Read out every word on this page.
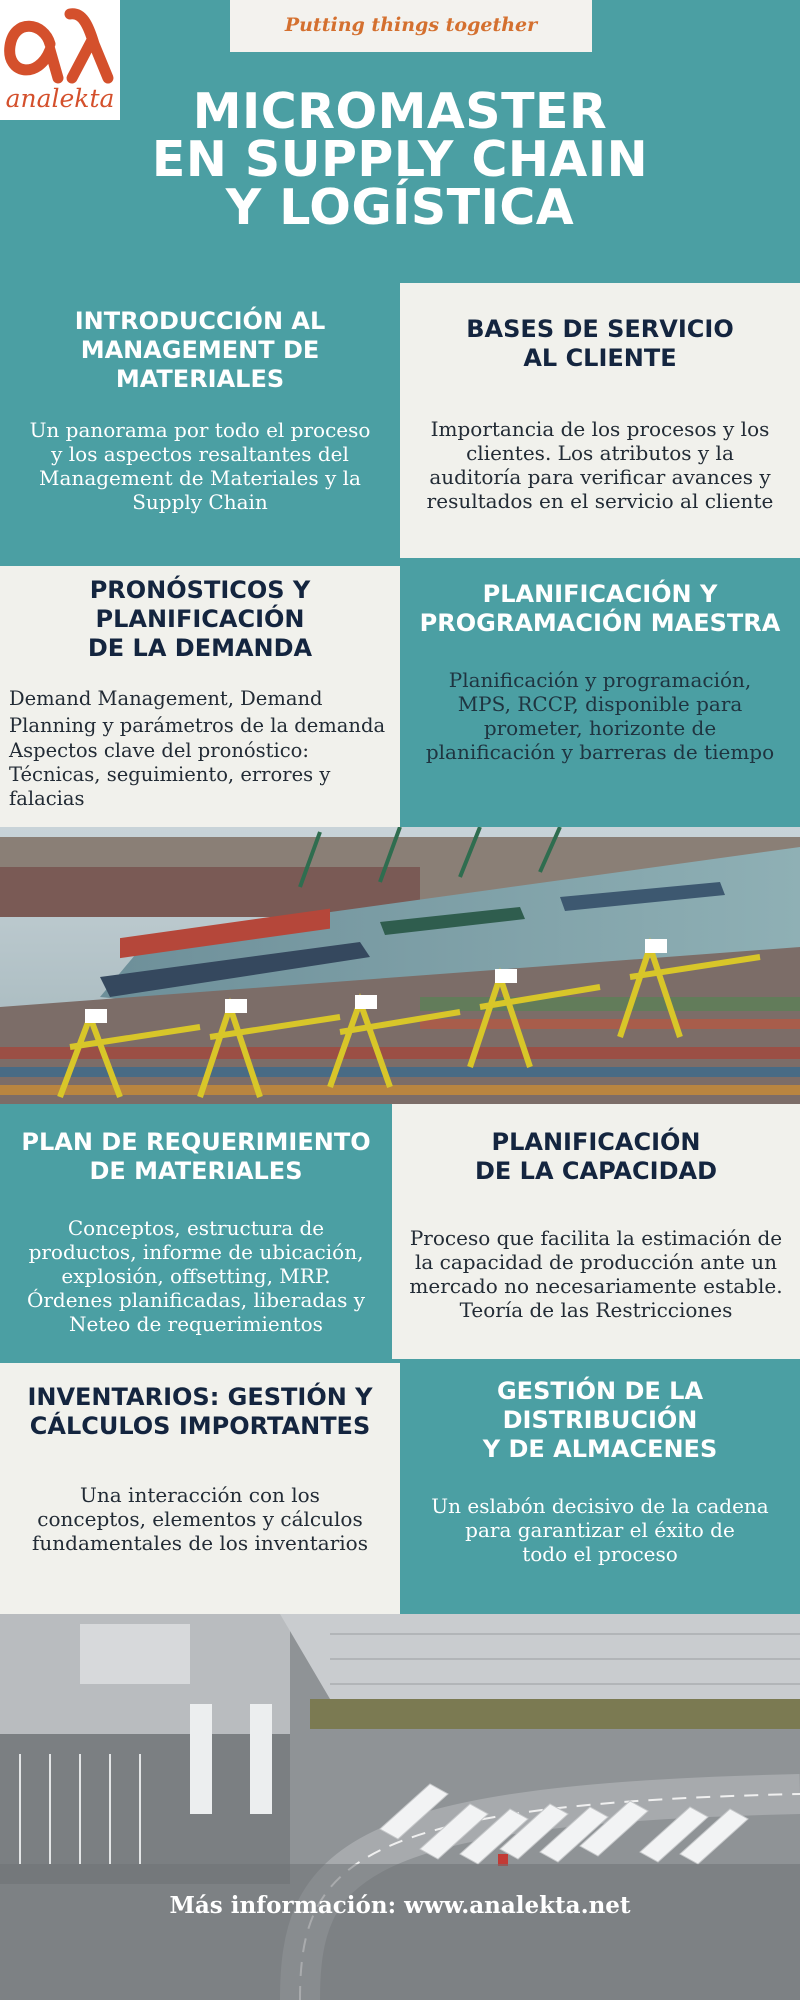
analekta
Putting things together
MICROMASTER
EN SUPPLY CHAIN
Y LOGÍSTICA
INTRODUCCIÓN AL
MANAGEMENT DE
MATERIALES

Un panorama por todo el proceso
y los aspectos resaltantes del
Management de Materiales y la
Supply Chain

BASES DE SERVICIO
AL CLIENTE

Importancia de los procesos y los
clientes. Los atributos y la
auditoría para verificar avances y
resultados en el servicio al cliente

PRONÓSTICOS Y
PLANIFICACIÓN
DE LA DEMANDA

Demand Management, Demand
Planning y parámetros de la demanda
Aspectos clave del pronóstico:
Técnicas, seguimiento, errores y
falacias

PLANIFICACIÓN Y
PROGRAMACIÓN MAESTRA

Planificación y programación,
MPS, RCCP, disponible para
prometer, horizonte de
planificación y barreras de tiempo

PLAN DE REQUERIMIENTO
DE MATERIALES

Conceptos, estructura de
productos, informe de ubicación,
explosión, offsetting, MRP.
Órdenes planificadas, liberadas y
Neteo de requerimientos

PLANIFICACIÓN
DE LA CAPACIDAD

Proceso que facilita la estimación de
la capacidad de producción ante un
mercado no necesariamente estable.
Teoría de las Restricciones

INVENTARIOS: GESTIÓN Y
CÁLCULOS IMPORTANTES

Una interacción con los
conceptos, elementos y cálculos
fundamentales de los inventarios

GESTIÓN DE LA
DISTRIBUCIÓN
Y DE ALMACENES

Un eslabón decisivo de la cadena
para garantizar el éxito de
todo el proceso

Más información: www.analekta.net
